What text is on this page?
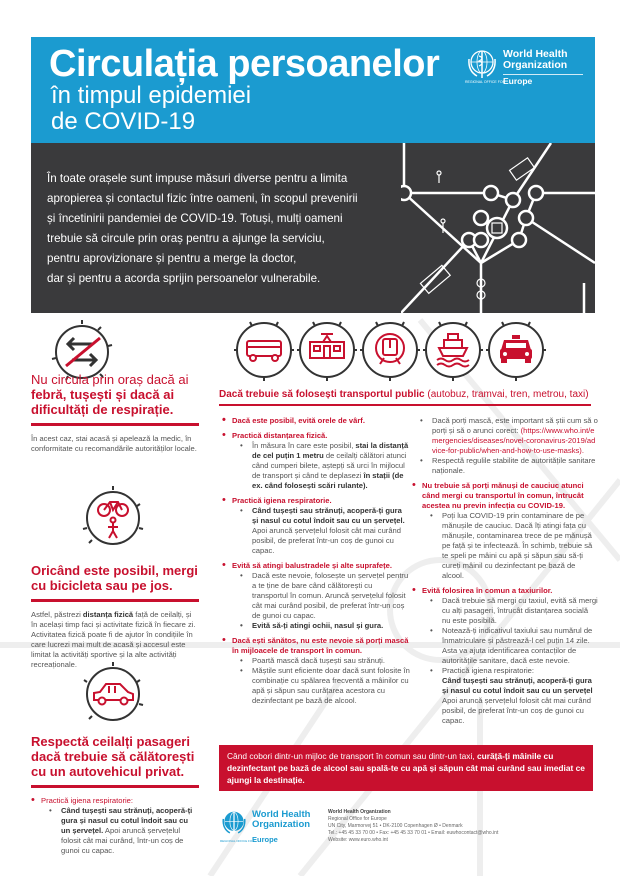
Circulația persoanelor
în timpul epidemiei
de COVID-19
World Health
Organization
REGIONAL OFFICE FOR
Europe
În toate orașele sunt impuse măsuri diverse pentru a limita
apropierea și contactul fizic între oameni, în scopul prevenirii
și încetinirii pandemiei de COVID-19. Totuși, mulți oameni
trebuie să circule prin oraș pentru a ajunge la serviciu,
pentru aprovizionare și pentru a merge la doctor,
dar și pentru a acorda sprijin persoanelor vulnerabile.
Nu circula prin oraș dacă ai febră, tușești și dacă ai dificultăți de respirație.
În acest caz, stai acasă și apelează la medic, în conformitate cu recomandările autorităților locale.
Oricând este posibil, mergi cu bicicleta sau pe jos.
Astfel, păstrezi distanța fizică față de ceilalți, și în același timp faci și activitate fizică în fiecare zi. Activitatea fizică poate fi de ajutor în condițiile în care lucrezi mai mult de acasă și accesul este limitat la activități sportive și la alte activități recreaționale.
Respectă ceilalți pasageri dacă trebuie să călătorești cu un autovehicul privat.
• Practică igiena respiratorie:
• Când tușești sau strănuți, acoperă-ți gura și nasul cu cotul îndoit sau cu un șervețel. Apoi aruncă șervețelul folosit cât mai curând, într-un coș de gunoi cu capac.
Dacă trebuie să folosești transportul public (autobuz, tramvai, tren, metrou, taxi)
• Dacă este posibil, evită orele de vârf.
• Practică distanțarea fizică.
• În măsura în care este posibil, stai la distanță de cel puțin 1 metru de ceilalți călători atunci când cumperi bilete, aștepți să urci în mijlocul de transport și când te deplasezi în stații (de ex. când folosești scări rulante).
• Practică igiena respiratorie.
• Când tușești sau strănuți, acoperă-ți gura și nasul cu cotul îndoit sau cu un șervețel. Apoi aruncă șervețelul folosit cât mai curând posibil, de preferat într-un coș de gunoi cu capac.
• Evită să atingi balustradele și alte suprafețe.
• Dacă este nevoie, folosește un șervețel pentru a te ține de bare când călătorești cu transportul în comun. Aruncă șervețelul folosit cât mai curând posibil, de preferat într-un coș de gunoi cu capac.
• Evită să-ți atingi ochii, nasul și gura.
• Dacă ești sănătos, nu este nevoie să porți mască în mijloacele de transport în comun.
• Poartă mască dacă tușești sau strănuți.
• Măștile sunt eficiente doar dacă sunt folosite în combinație cu spălarea frecventă a mâinilor cu apă și săpun sau curățarea acestora cu dezinfectant pe bază de alcool.
• Dacă porți mască, este important să știi cum să o porți și să o arunci corect: (https://www.who.int/emergencies/diseases/novel-coronavirus-2019/advice-for-public/when-and-how-to-use-masks).
• Respectă regulile stabilite de autoritățile sanitare naționale.
• Nu trebuie să porți mănuși de cauciuc atunci când mergi cu transportul în comun, întrucât acestea nu previn infecția cu COVID-19.
• Poți lua COVID-19 prin contaminare de pe mănușile de cauciuc. Dacă îți atingi fața cu mănușile, contaminarea trece de pe mănușă pe față și te infectează. În schimb, trebuie să te speli pe mâini cu apă și săpun sau să-ți cureți mâinil cu dezinfectant pe bază de alcool.
• Evită folosirea în comun a taxiurilor.
• Dacă trebuie să mergi cu taxiul, evită să mergi cu alți pasageri, întrucât distanțarea socială nu este posibilă.
• Notează-ți indicativul taxiului sau numărul de înmatriculare și păstrează-l cel puțin 14 zile. Asta va ajuta identificarea contacților de autoritățile sanitare, dacă este nevoie.
• Practică igiena respiratorie:
Când tușești sau strănuți, acoperă-ți gura și nasul cu cotul îndoit sau cu un șervețel Apoi aruncă șervețelul folosit cât mai curând posibil, de preferat într-un coș de gunoi cu capac.
Când cobori dintr-un mijloc de transport în comun sau dintr-un taxi, curăță-ți mâinile cu dezinfectant pe bază de alcool sau spală-te cu apă și săpun cât mai curând sau imediat ce ajungi la destinație.
World Health
Organization
REGIONAL OFFICE FOR
Europe
World Health Organization
Regional Office for Europe
UN City, Marmorvej 51 • DK-2100 Copenhagen Ø • Denmark
Tel.: +45 45 33 70 00 • Fax: +45 45 33 70 01 • Email: euwhocontact@who.int
Website: www.euro.who.int
